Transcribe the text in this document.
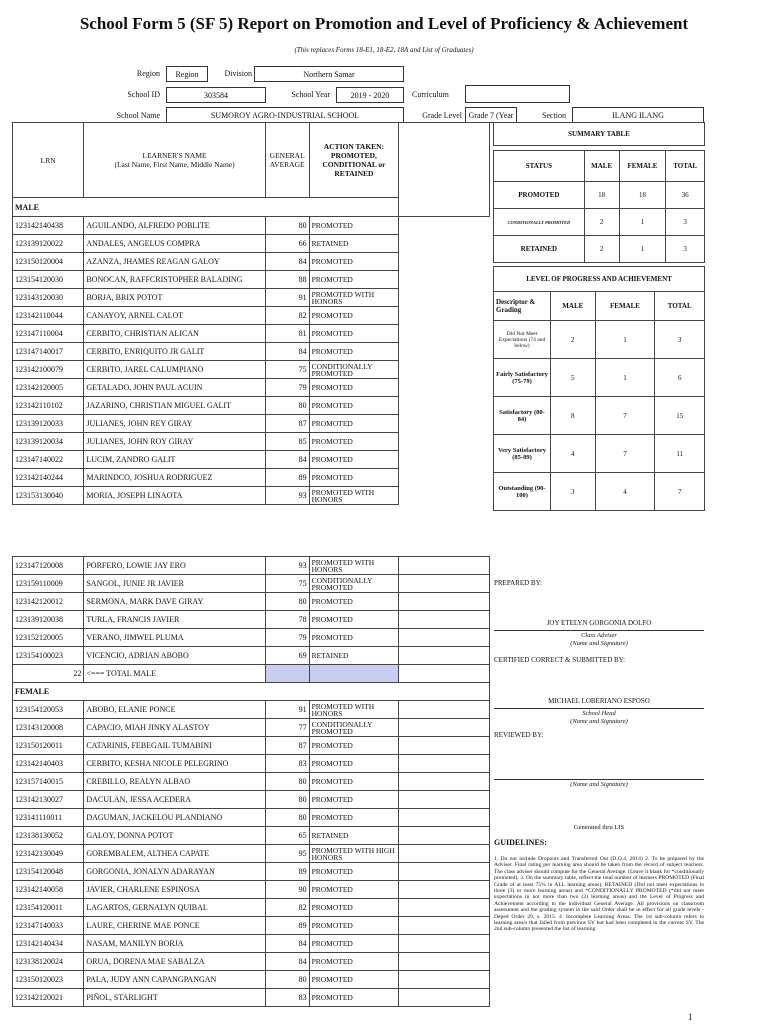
School Form 5 (SF 5) Report on Promotion and Level of Proficiency & Achievement
(This replaces Forms 18-E1, 18-E2, 18A and List of Graduates)
Region	Region	Division	Northern Samar
School ID	303584	School Year	2019 - 2020	Curriculum
School Name	SUMOROY AGRO-INDUSTRIAL SCHOOL	Grade Level Grade 7 (Year	Section	ILANG ILANG
LRN	LEARNER'S NAME
(Last Name, First Name, Middle Name)	GENERAL AVERAGE	ACTION TAKEN: PROMOTED, CONDITIONAL or RETAINED	

MALE				
123142140438	AGUILANDO, ALFREDO POBLITE	80	PROMOTED	
123139120022	ANDALES, ANGELUS COMPRA	66	RETAINED	
123150120004	AZANZA, JHAMES REAGAN GALOY	84	PROMOTED	
123154120030	BONOCAN, RAFFCRISTOPHER BALADING	88	PROMOTED	
123143120030	BORJA, BRIX POTOT	91	PROMOTED WITH HONORS	
123142110044	CANAYOY, ARNEL CALOT	82	PROMOTED	
123147110004	CERBITO, CHRISTIAN ALICAN	81	PROMOTED	
123147140017	CERBITO, ENRIQUITO JR GALIT	84	PROMOTED	
123142100079	CERBITO, JAREL CALUMPIANO	75	CONDITIONALLY PROMOTED	
123142120005	GETALADO, JOHN PAUL ACUIN	79	PROMOTED	
123142110102	JAZARINO, CHRISTIAN MIGUEL GALIT	80	PROMOTED	
123139120033	JULIANES, JOHN REY GIRAY	87	PROMOTED	
123139120034	JULIANES, JOHN ROY GIRAY	85	PROMOTED	
123147140022	LUCIM, ZANDRO GALIT	84	PROMOTED	
123142140244	MARINDCO, JOSHUA RODRIGUEZ	89	PROMOTED	
123153130040	MORIA, JOSEPH LINAOTA	93	PROMOTED WITH HONORS	
123147120008	PORFERO, LOWIE JAY ERO	93	PROMOTED WITH HONORS	
123159110009	SANGOL, JUNIE JR JAVIER	75	CONDITIONALLY PROMOTED	
123142120012	SERMONA, MARK DAVE GIRAY	80	PROMOTED	
123139120038	TURLA, FRANCIS JAVIER	78	PROMOTED	
123152120005	VERANO, JIMWEL PLUMA	79	PROMOTED	
123154100023	VICENCIO, ADRIAN ABOBO	69	RETAINED	
22	<=== TOTAL MALE			
FEMALE				
123154120053	ABOBO, ELANIE PONCE	91	PROMOTED WITH HONORS	
123143120008	CAPACIO, MIAH JINKY ALASTOY	77	CONDITIONALLY PROMOTED	
123150120011	CATARINIS, FEBEGAIL TUMABINI	87	PROMOTED	
123142140403	CERBITO, KESHA NICOLE PELEGRINO	83	PROMOTED	
123157140015	CREBILLO, REALYN ALBAO	80	PROMOTED	
123142130027	DACULAN, JESSA ACEDERA	80	PROMOTED	
123141110011	DAGUMAN, JACKELOU PLANDIANO	80	PROMOTED	
123138130052	GALOY, DONNA POTOT	65	RETAINED	
123142130049	GOREMBALEM, ALTHEA CAPATE	95	PROMOTED WITH HIGH HONORS	
123154120048	GORGONIA, JONALYN ADARAYAN	89	PROMOTED	
123142140058	JAVIER, CHARLENE ESPINOSA	90	PROMOTED	
123154120011	LAGARTOS, GERNALYN QUIBAL	82	PROMOTED	
123147140033	LAURE, CHERINE MAE PONCE	89	PROMOTED	
123142140434	NASAM, MANILYN BORJA	84	PROMOTED	
123138120024	ORUA, DORENA MAE SABALZA	84	PROMOTED	
123150120023	PALA, JUDY ANN CAPANGPANGAN	80	PROMOTED	
123142120021	PIÑOL, STARLIGHT	83	PROMOTED	
SUMMARY TABLE			

STATUS	MALE	FEMALE	TOTAL
PROMOTED	18	18	36
CONDITIONALLY PROMOTED	2	1	3
RETAINED	2	1	3
LEVEL OF PROGRESS AND ACHIEVEMENT			
Descriptor & Grading	MALE	FEMALE	TOTAL
Did Not Meet Expectations (74 and below)	2	1	3
Fairly Satisfactory (75-79)	5	1	6
Satisfactory (80-84)	8	7	15
Very Satisfactory (85-89)	4	7	11
Outstanding (90-100)	3	4	7
PREPARED BY:
JOY ETELYN GORGONIA DOLFO
Class Adviser
(Name and Signature)
CERTIFIED CORRECT & SUBMITTED BY:
MICHAEL LOBERIANO ESPOSO
School Head
(Name and Signature)
REVIEWED BY:
(Name and Signature)
Generated thru LIS
GUIDELINES:
1. Do not include Dropouts and Transferred Out (D.O.4, 2014) 2. To be prepared by the Adviser. Final rating per learning area should be taken from the record of subject teachers. The class adviser should compute for the General Average. (Leave it blank for *conditionally promoted). 3. On the summary table, reflect the total number of learners PROMOTED (Final Grade of at least 75% in ALL learning areas), RETAINED (Did not meet expectations in three (3) or more learning areas) and *CONDITIONALLY PROMOTED (*did not meet expectations in not more than two (2) learning areas) and the Level of Progress and Achievement according to the individual General Average. All provisions on classroom assessment and the grading system in the said Order shall be in effect for all grade levels - Deped Order 29, s. 2015. 4. Incomplete Learning Areas. The 1st sub-column refers to learning area/s that failed from previous SY but had been completed in the current SY. The 2nd sub-column presented the list of learning
1
